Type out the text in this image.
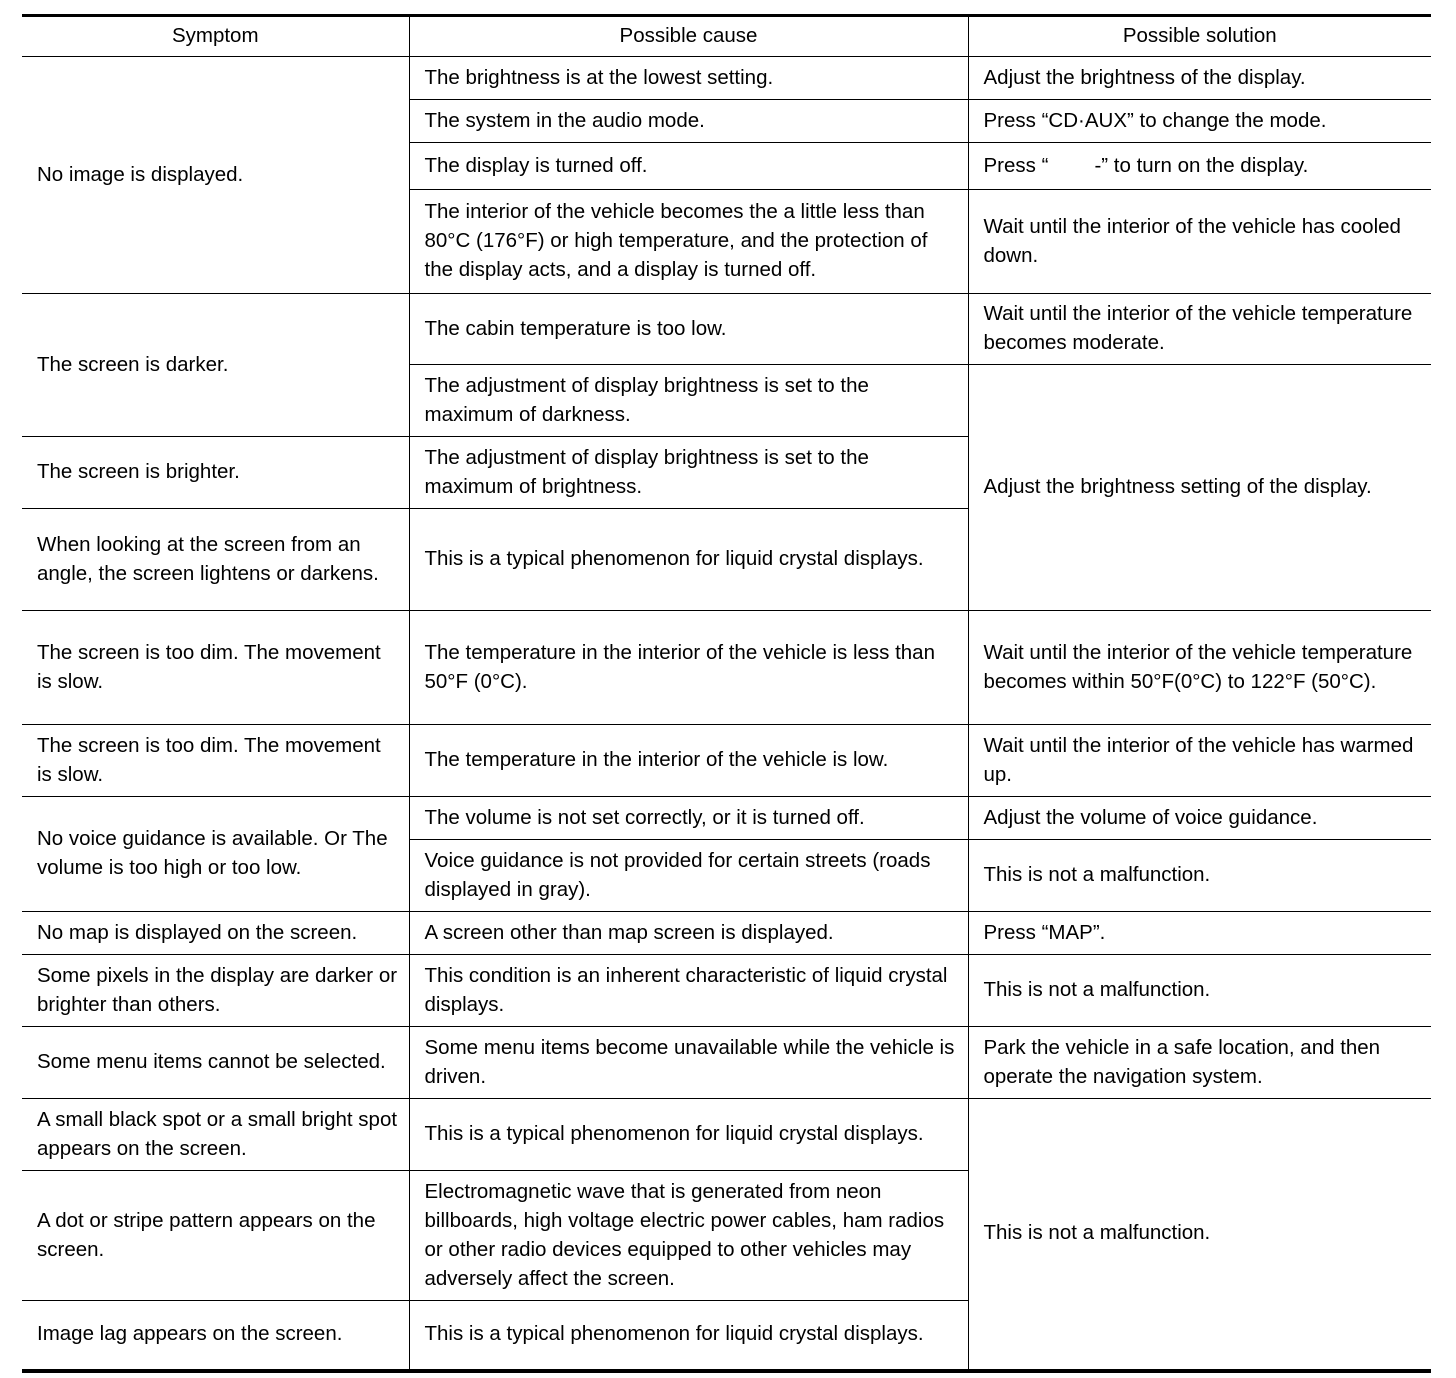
Symptom	Possible cause	Possible solution
No image is displayed.	The brightness is at the lowest setting.	Adjust the brightness of the display.
	The system in the audio mode.	Press “CD·AUX” to change the mode.
	The display is turned off.	Press “ -” to turn on the display.
	The interior of the vehicle becomes the a little less than 80°C (176°F) or high temperature, and the protection of the display acts, and a display is turned off.	Wait until the interior of the vehicle has cooled down.
The screen is darker.	The cabin temperature is too low.	Wait until the interior of the vehicle temperature becomes moderate.
	The adjustment of display brightness is set to the maximum of darkness.	Adjust the brightness setting of the display.
The screen is brighter.	The adjustment of display brightness is set to the maximum of brightness.	
When looking at the screen from an angle, the screen lightens or darkens.	This is a typical phenomenon for liquid crystal displays.	
The screen is too dim. The movement is slow.	The temperature in the interior of the vehicle is less than 50°F (0°C).	Wait until the interior of the vehicle temperature becomes within 50°F(0°C) to 122°F (50°C).
The screen is too dim. The movement is slow.	The temperature in the interior of the vehicle is low.	Wait until the interior of the vehicle has warmed up.
No voice guidance is available. Or The volume is too high or too low.	The volume is not set correctly, or it is turned off.	Adjust the volume of voice guidance.
	Voice guidance is not provided for certain streets (roads displayed in gray).	This is not a malfunction.
No map is displayed on the screen.	A screen other than map screen is displayed.	Press “MAP”.
Some pixels in the display are darker or brighter than others.	This condition is an inherent characteristic of liquid crystal displays.	This is not a malfunction.
Some menu items cannot be selected.	Some menu items become unavailable while the vehicle is driven.	Park the vehicle in a safe location, and then operate the navigation system.
A small black spot or a small bright spot appears on the screen.	This is a typical phenomenon for liquid crystal displays.	This is not a malfunction.
A dot or stripe pattern appears on the screen.	Electromagnetic wave that is generated from neon billboards, high voltage electric power cables, ham radios or other radio devices equipped to other vehicles may adversely affect the screen.	
Image lag appears on the screen.	This is a typical phenomenon for liquid crystal displays.	
